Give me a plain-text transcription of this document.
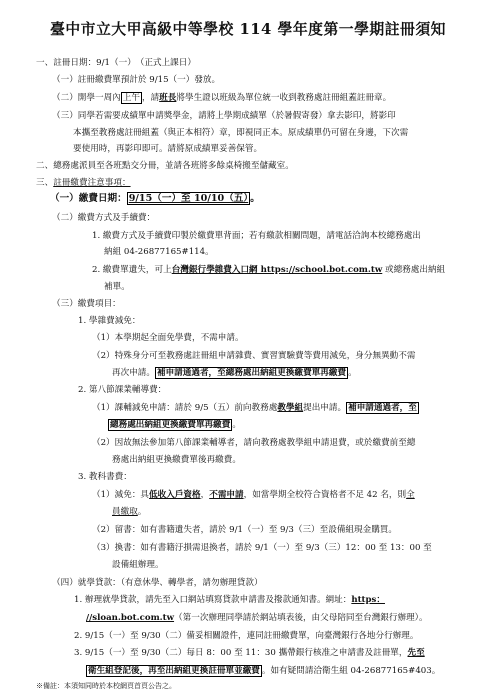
臺中市立大甲高級中等學校 114 學年度第一學期註冊須知
一、註冊日期：9/1（一）　（正式上課日）
（一）註冊繳費單預計於 9/15（一）發放。
（二）開學一周內 上午 ，請班長將學生證以班級為單位統一收到教務處註冊組蓋註冊章。
（三）同學若需要成績單申請獎學金，請將上學期成績單（於暑假寄發）拿去影印，將影印
本攜至教務處註冊組蓋（與正本相符）章，即視同正本。原成績單仍可留在身邊，下次需
要使用時，再影印即可。請將原成績單妥善保管。
二、總務處派員至各班點交分冊，並請各班將多餘桌椅搬至儲藏室。
三、註冊繳費注意事項：
（一）繳費日期： 9/15（一）至 10/10（五） 。
（二）繳費方式及手續費：
1. 繳費方式及手續費印製於繳費單背面；若有繳款相關問題，請電話洽詢本校總務處出
納組 04-26877165#114。
2. 繳費單遺失，可上台灣銀行學雜費入口網 https://school.bot.com.tw 或總務處出納組
補單。
（三）繳費項目：
1. 學雜費減免：
（1）本學期起全面免學費，不需申請。
（2）特殊身分可至教務處註冊組申請雜費、實習實驗費等費用減免，身分無異動不需
再次申請。 補申請通過者，至總務處出納組更換繳費單再繳費 。
2. 第八節課業輔導費：
（1）課輔減免申請：請於 9/5（五）前向教務處教學組提出申請。 補申請通過者，至
總務處出納組更換繳費單再繳費 。
（2）因故無法參加第八節課業輔導者，請向教務處教學組申請退費，或於繳費前至總
務處出納組更換繳費單後再繳費。
3. 教科書費：
（1）減免：具低收入戶資格，不需申請，如當學期全校符合資格者不足 42 名，則全
員繳取。
（2）留書：如有書籍遺失者，請於 9/1（一）至 9/3（三）至設備組現金購買。
（3）換書：如有書籍汙損需退換者，請於 9/1（一）至 9/3（三）12：00 至 13：00 至
設備組辦理。
（四）就學貸款：（有意休學、轉學者，請勿辦理貸款）
1. 辦理就學貸款，請先至入口網站填寫貸款申請書及撥款通知書。網址：https：
//sloan.bot.com.tw（第一次辦理同學請於網站填表後，由父母陪同至台灣銀行辦理）。
2. 9/15（一）至 9/30（二）備妥相關證件，連同註冊繳費單，向臺灣銀行各地分行辦理。
3. 9/15（一）至 9/30（二）每日 8：00 至 11：30 攜帶銀行核准之申請書及註冊單，先至
衛生組登記後，再至出納組更換註冊單並繳費 。如有疑問請洽衛生組 04-26877165#403。
※備註：本須知同時於本校網頁首頁公告之。
